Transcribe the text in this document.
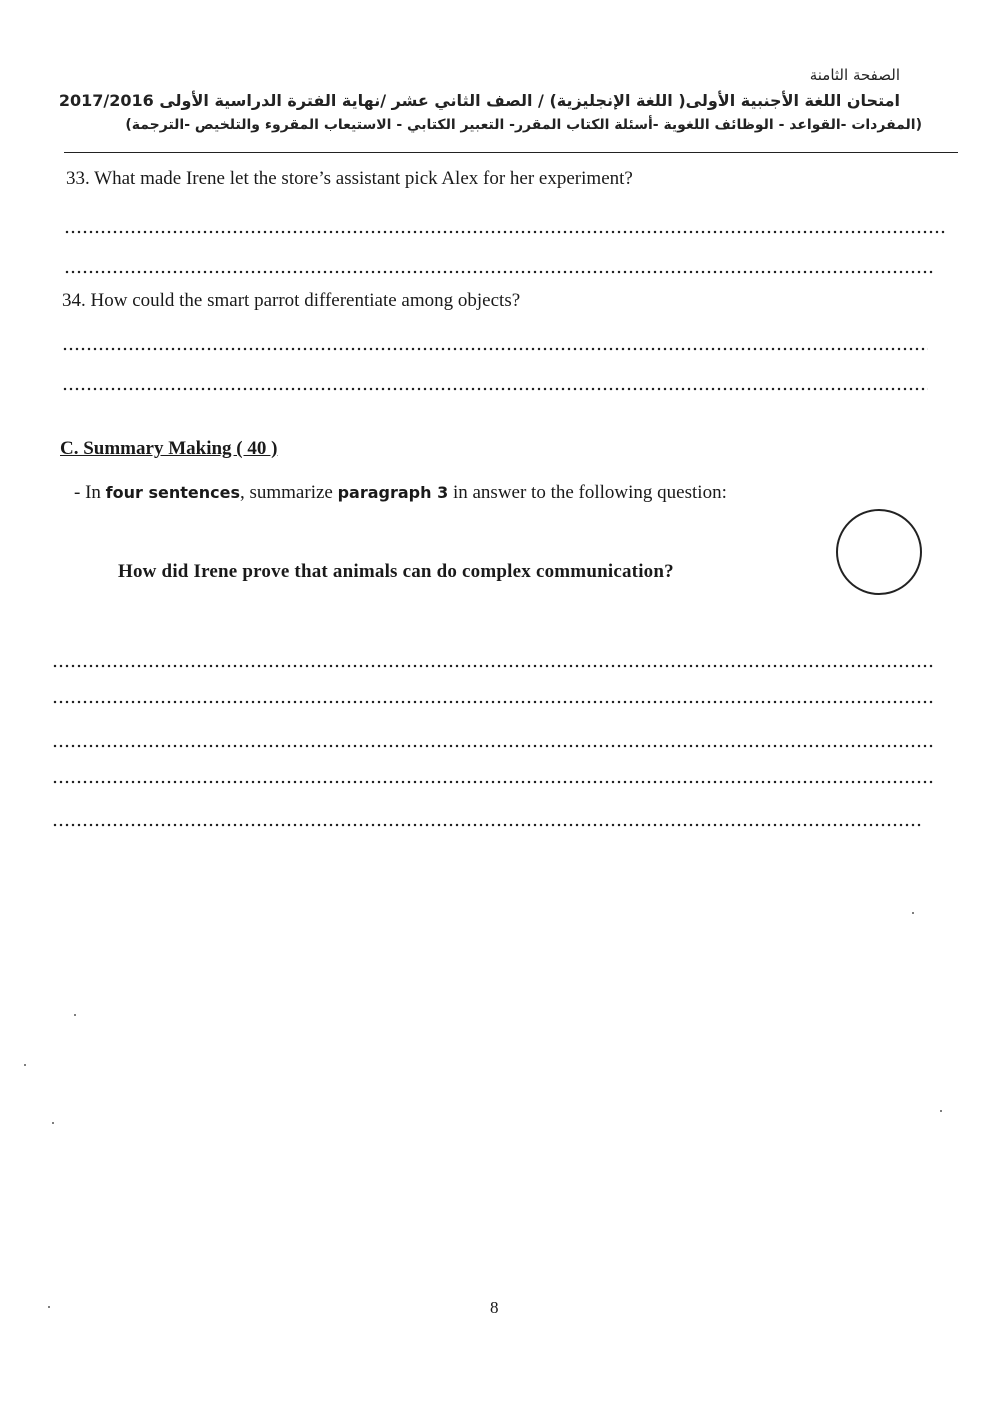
الصفحة الثامنة
امتحان اللغة الأجنبية الأولى( اللغة الإنجليزية) / الصف الثاني عشر /نهاية الفترة الدراسية الأولى 2017/2016
(المفردات -القواعد - الوظائف اللغوية -أسئلة الكتاب المقرر- التعبير الكتابي - الاستيعاب المقروء والتلخيص -الترجمة)
33. What made Irene let the store’s assistant pick Alex for her experiment?
34. How could the smart parrot differentiate among objects?
C. Summary Making ( 40 )
- In four sentences, summarize paragraph 3 in answer to the following question:
How did Irene prove that animals can do complex communication?
8
